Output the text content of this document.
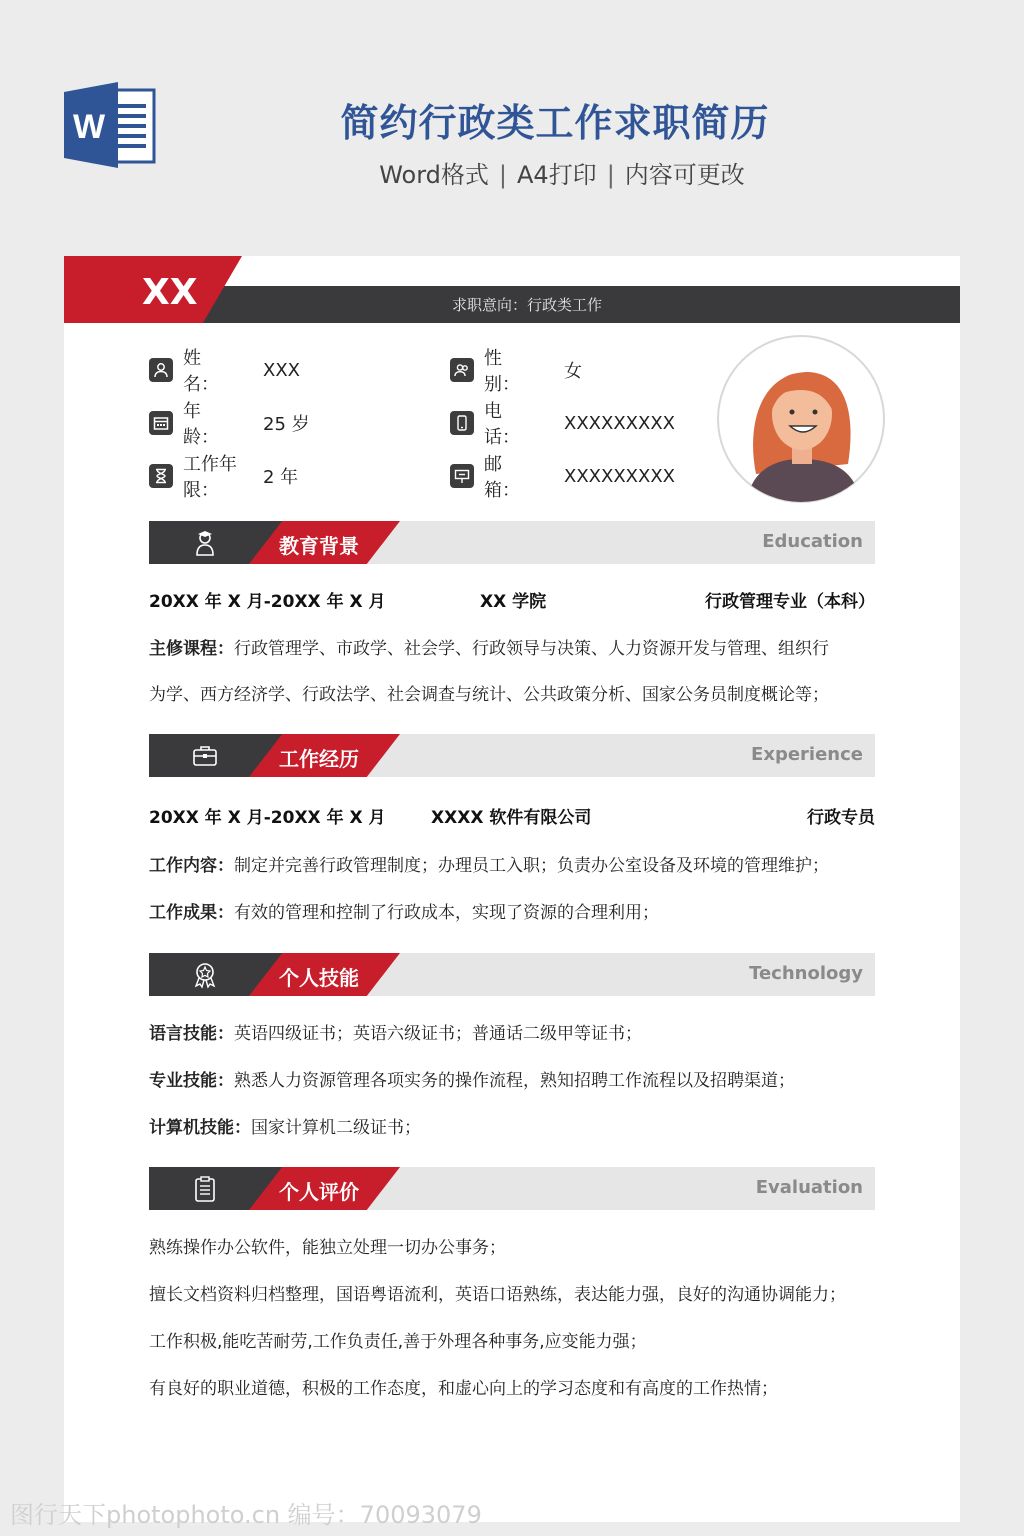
W	简约行政类工作求职简历
Word格式 | A4打印 | 内容可更改
XX	求职意向：行政类工作
姓　　名：
XXX
年　　龄：
25 岁
工作年限：
2 年
性　　别：
女
电　　话：
XXXXXXXXX
邮　　箱：
XXXXXXXXX
教育背景	Education
20XX 年 X 月-20XX 年 X 月	XX 学院	行政管理专业（本科）
主修课程：行政管理学、市政学、社会学、行政领导与决策、人力资源开发与管理、组织行
为学、西方经济学、行政法学、社会调查与统计、公共政策分析、国家公务员制度概论等；
工作经历	Experience
20XX 年 X 月-20XX 年 X 月	XXXX 软件有限公司	行政专员
工作内容：制定并完善行政管理制度；办理员工入职；负责办公室设备及环境的管理维护；
工作成果：有效的管理和控制了行政成本，实现了资源的合理利用；
个人技能	Technology
语言技能：英语四级证书；英语六级证书；普通话二级甲等证书；
专业技能：熟悉人力资源管理各项实务的操作流程，熟知招聘工作流程以及招聘渠道；
计算机技能：国家计算机二级证书；
个人评价	Evaluation
熟练操作办公软件，能独立处理一切办公事务；
擅长文档资料归档整理，国语粤语流利，英语口语熟练，表达能力强，良好的沟通协调能力；
工作积极,能吃苦耐劳,工作负责任,善于外理各种事务,应变能力强；
有良好的职业道德，积极的工作态度，和虚心向上的学习态度和有高度的工作热情；
图行天下photophoto.cn 编号：70093079
